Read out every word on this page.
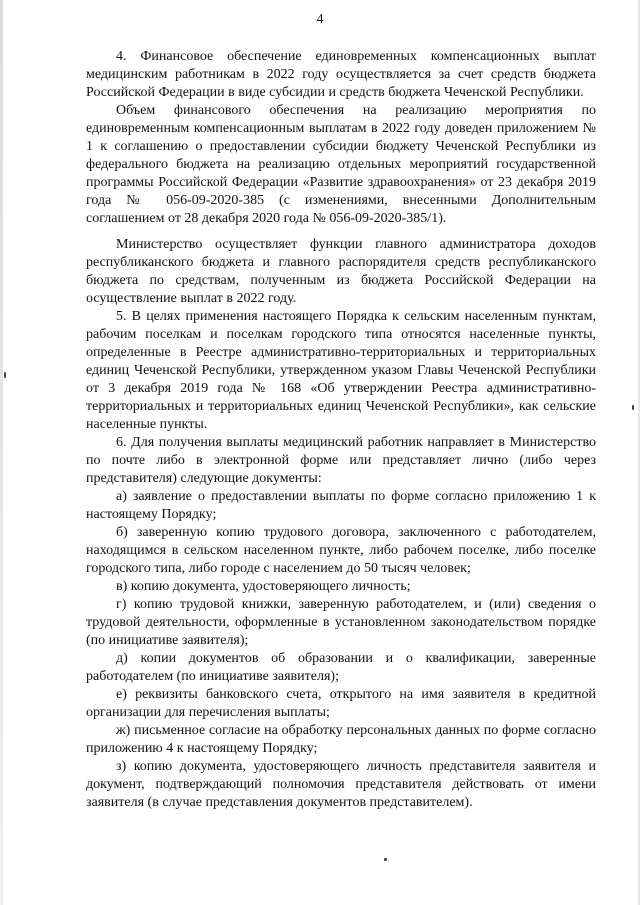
4

4. Финансовое обеспечение единовременных компенсационных выплат медицинским работникам в 2022 году осуществляется за счет средств бюджета Российской Федерации в виде субсидии и средств бюджета Чеченской Республики.

Объем финансового обеспечения на реализацию мероприятия по единовременным компенсационным выплатам в 2022 году доведен приложением № 1 к соглашению о предоставлении субсидии бюджету Чеченской Республики из федерального бюджета на реализацию отдельных мероприятий государственной программы Российской Федерации «Развитие здравоохранения» от 23 декабря 2019 года № 056-09-2020-385 (с изменениями, внесенными Дополнительным соглашением от 28 декабря 2020 года № 056-09-2020-385/1).

Министерство осуществляет функции главного администратора доходов республиканского бюджета и главного распорядителя средств республиканского бюджета по средствам, полученным из бюджета Российской Федерации на осуществление выплат в 2022 году.

5. В целях применения настоящего Порядка к сельским населенным пунктам, рабочим поселкам и поселкам городского типа относятся населенные пункты, определенные в Реестре административно-территориальных и территориальных единиц Чеченской Республики, утвержденном указом Главы Чеченской Республики от 3 декабря 2019 года № 168 «Об утверждении Реестра административно-территориальных и территориальных единиц Чеченской Республики», как сельские населенные пункты.

6. Для получения выплаты медицинский работник направляет в Министерство по почте либо в электронной форме или представляет лично (либо через представителя) следующие документы:

а) заявление о предоставлении выплаты по форме согласно приложению 1 к настоящему Порядку;

б) заверенную копию трудового договора, заключенного с работодателем, находящимся в сельском населенном пункте, либо рабочем поселке, либо поселке городского типа, либо городе с населением до 50 тысяч человек;

в) копию документа, удостоверяющего личность;

г) копию трудовой книжки, заверенную работодателем, и (или) сведения о трудовой деятельности, оформленные в установленном законодательством порядке (по инициативе заявителя);

д) копии документов об образовании и о квалификации, заверенные работодателем (по инициативе заявителя);

е) реквизиты банковского счета, открытого на имя заявителя в кредитной организации для перечисления выплаты;

ж) письменное согласие на обработку персональных данных по форме согласно приложению 4 к настоящему Порядку;

з) копию документа, удостоверяющего личность представителя заявителя и документ, подтверждающий полномочия представителя действовать от имени заявителя (в случае представления документов представителем).
